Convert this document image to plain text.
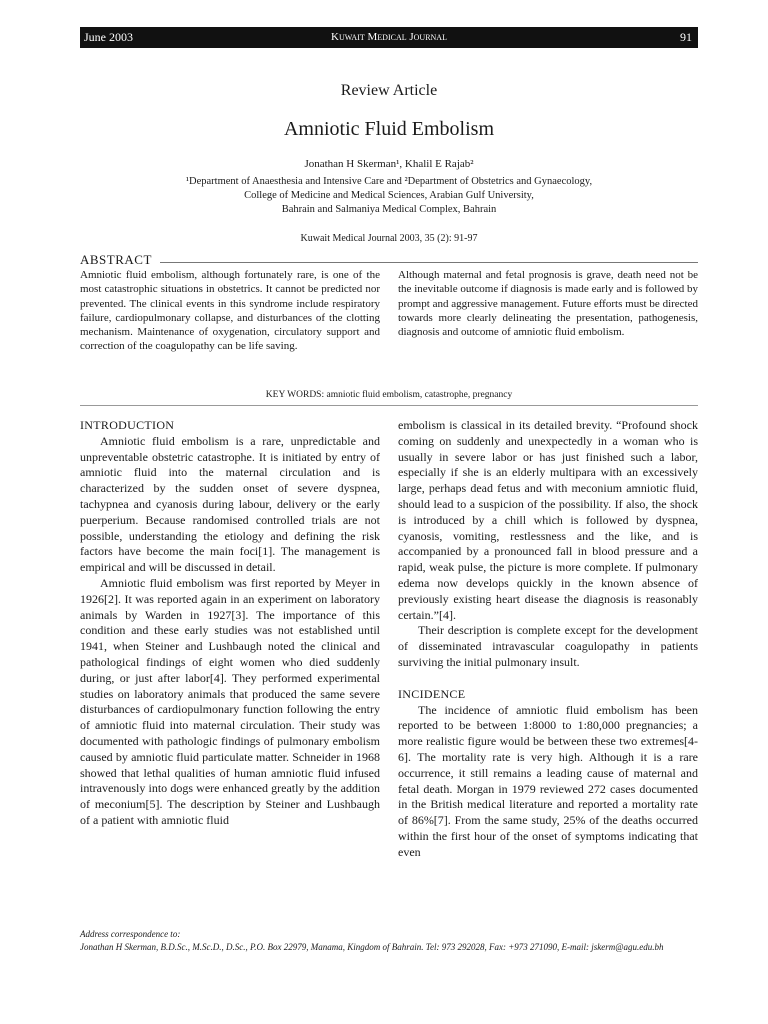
June 2003	Kuwait Medical Journal	91
Review Article
Amniotic Fluid Embolism
Jonathan H Skerman¹, Khalil E Rajab²
¹Department of Anaesthesia and Intensive Care and ²Department of Obstetrics and Gynaecology,
College of Medicine and Medical Sciences, Arabian Gulf University,
Bahrain and Salmaniya Medical Complex, Bahrain
Kuwait Medical Journal 2003, 35 (2): 91-97
ABSTRACT
Amniotic fluid embolism, although fortunately rare, is one of the most catastrophic situations in obstetrics. It cannot be predicted nor prevented. The clinical events in this syndrome include respiratory failure, cardiopulmonary collapse, and disturbances of the clotting mechanism. Maintenance of oxygenation, circulatory support and correction of the coagulopathy can be life saving.
Although maternal and fetal prognosis is grave, death need not be the inevitable outcome if diagnosis is made early and is followed by prompt and aggressive management. Future efforts must be directed towards more clearly delineating the presentation, pathogenesis, diagnosis and outcome of amniotic fluid embolism.
KEY WORDS: amniotic fluid embolism, catastrophe, pregnancy
INTRODUCTION

Amniotic fluid embolism is a rare, unpredictable and unpreventable obstetric catastrophe. It is initiated by entry of amniotic fluid into the maternal circulation and is characterized by the sudden onset of severe dyspnea, tachypnea and cyanosis during labour, delivery or the early puerperium. Because randomised controlled trials are not possible, understanding the etiology and defining the risk factors have become the main foci[1]. The management is empirical and will be discussed in detail.

Amniotic fluid embolism was first reported by Meyer in 1926[2]. It was reported again in an experiment on laboratory animals by Warden in 1927[3]. The importance of this condition and these early studies was not established until 1941, when Steiner and Lushbaugh noted the clinical and pathological findings of eight women who died suddenly during, or just after labor[4]. They performed experimental studies on laboratory animals that produced the same severe disturbances of cardiopulmonary function following the entry of amniotic fluid into maternal circulation. Their study was documented with pathologic findings of pulmonary embolism caused by amniotic fluid particulate matter. Schneider in 1968 showed that lethal qualities of human amniotic fluid infused intravenously into dogs were enhanced greatly by the addition of meconium[5]. The description by Steiner and Lushbaugh of a patient with amniotic fluid

embolism is classical in its detailed brevity. “Profound shock coming on suddenly and unexpectedly in a woman who is usually in severe labor or has just finished such a labor, especially if she is an elderly multipara with an excessively large, perhaps dead fetus and with meconium amniotic fluid, should lead to a suspicion of the possibility. If also, the shock is introduced by a chill which is followed by dyspnea, cyanosis, vomiting, restlessness and the like, and is accompanied by a pronounced fall in blood pressure and a rapid, weak pulse, the picture is more complete. If pulmonary edema now develops quickly in the known absence of previously existing heart disease the diagnosis is reasonably certain.”[4].

Their description is complete except for the development of disseminated intravascular coagulopathy in patients surviving the initial pulmonary insult.

INCIDENCE

The incidence of amniotic fluid embolism has been reported to be between 1:8000 to 1:80,000 pregnancies; a more realistic figure would be between these two extremes[4-6]. The mortality rate is very high. Although it is a rare occurrence, it still remains a leading cause of maternal and fetal death. Morgan in 1979 reviewed 272 cases documented in the British medical literature and reported a mortality rate of 86%[7]. From the same study, 25% of the deaths occurred within the first hour of the onset of symptoms indicating that even

Address correspondence to:
Jonathan H Skerman, B.D.Sc., M.Sc.D., D.Sc., P.O. Box 22979, Manama, Kingdom of Bahrain. Tel: 973 292028, Fax: +973 271090, E-mail: jskerm@agu.edu.bh
